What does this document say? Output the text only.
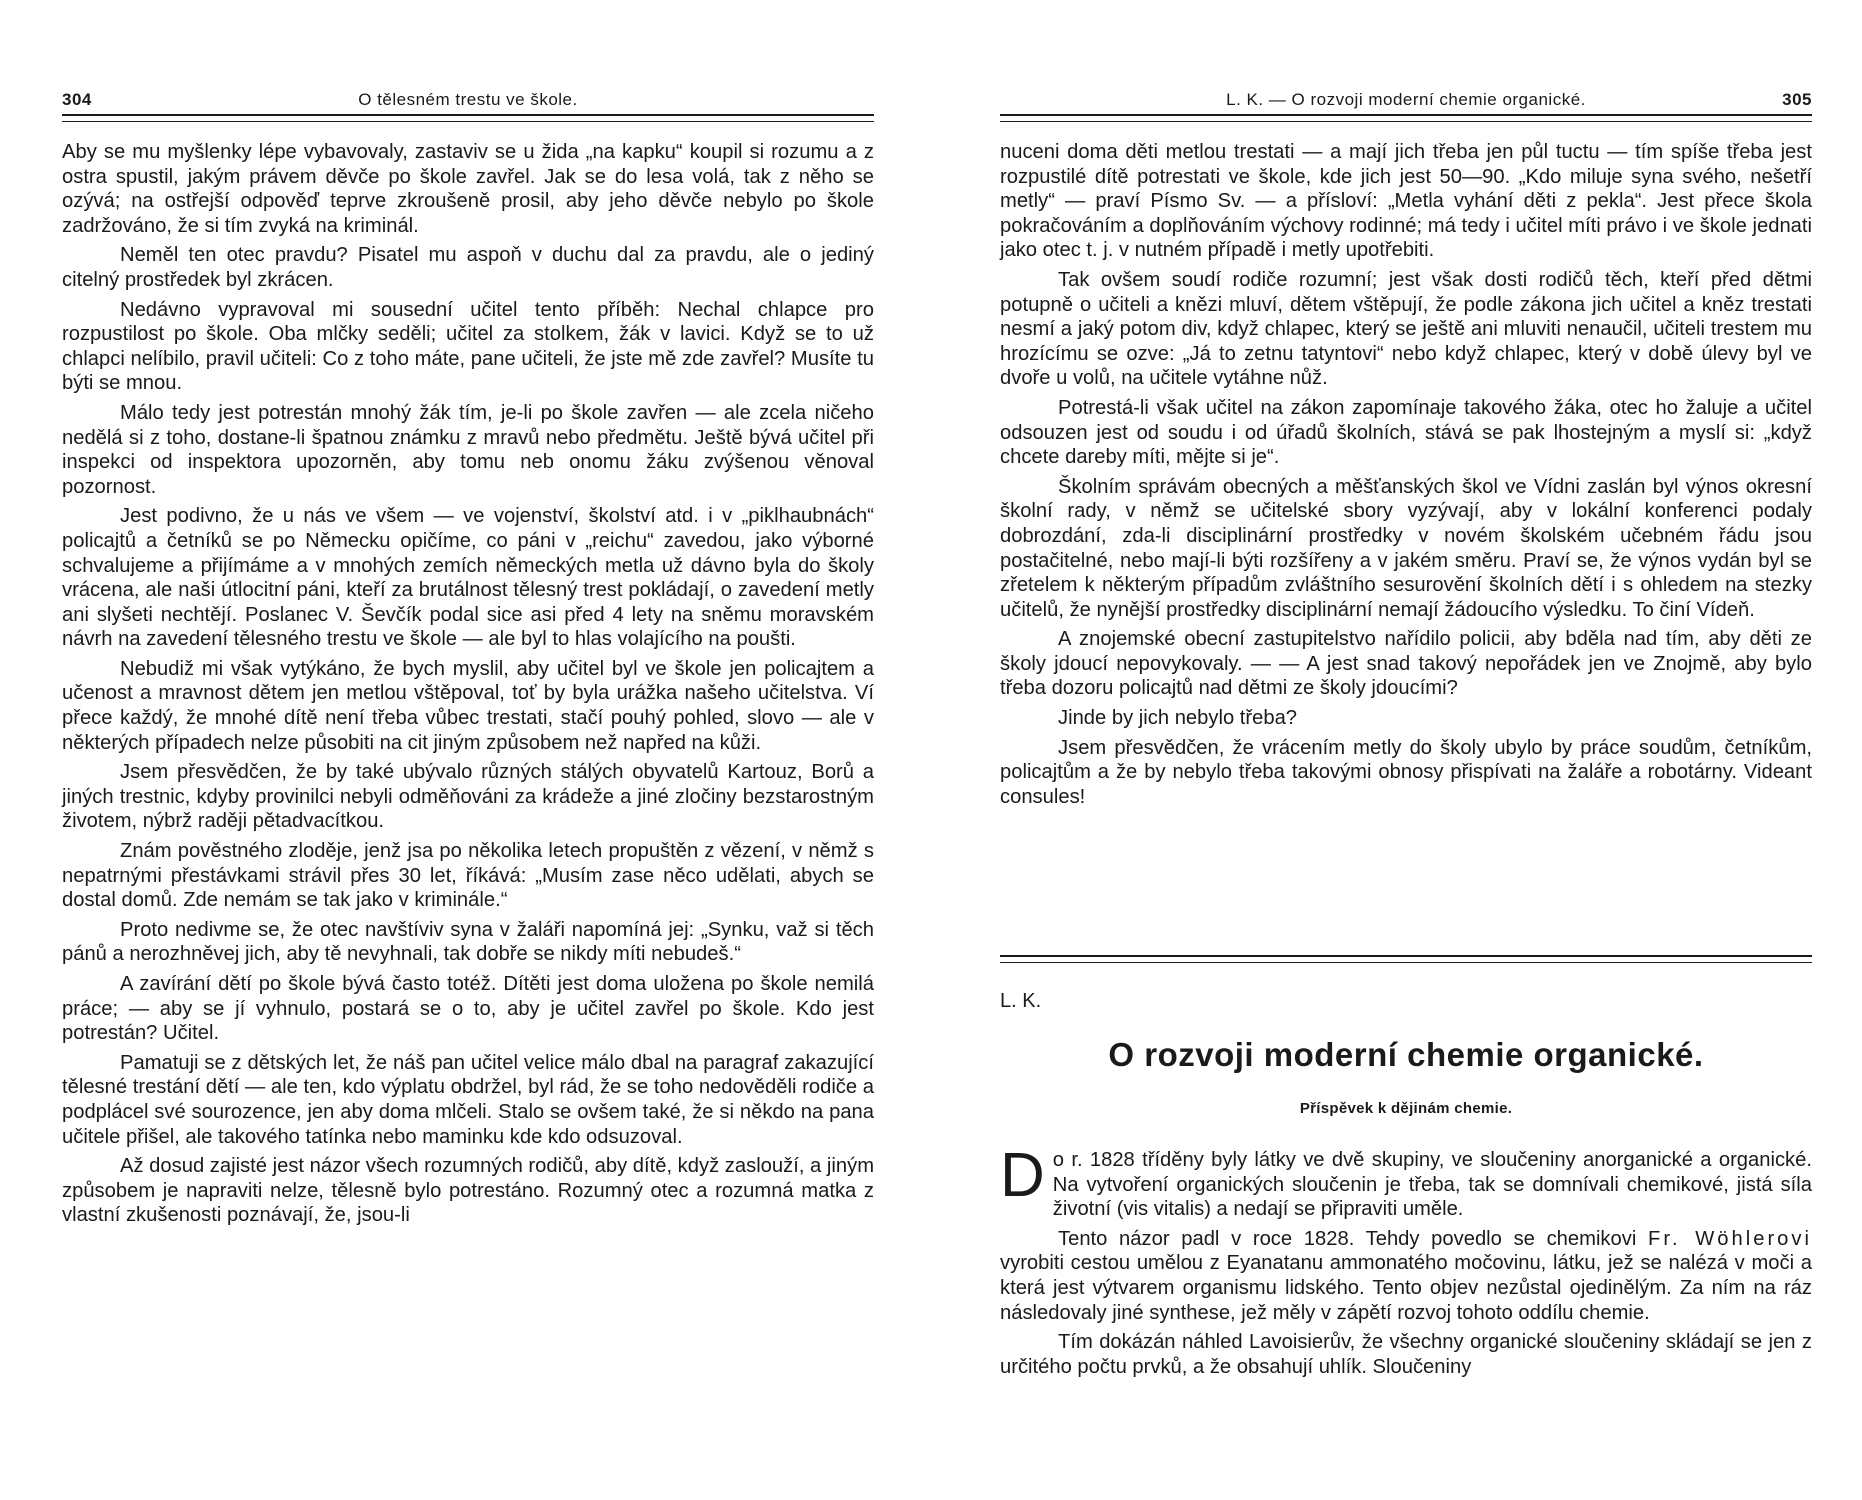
304	O tělesném trestu ve škole.

Aby se mu myšlenky lépe vybavovaly, zastaviv se u žida „na kapku“ koupil si rozumu a z ostra spustil, jakým právem děvče po škole zavřel. Jak se do lesa volá, tak z něho se ozývá; na ostřejší odpověď teprve zkroušeně prosil, aby jeho děvče nebylo po škole zadržováno, že si tím zvyká na kriminál.

Neměl ten otec pravdu? Pisatel mu aspoň v duchu dal za pravdu, ale o jediný citelný prostředek byl zkrácen.

Nedávno vypravoval mi sousední učitel tento příběh: Nechal chlapce pro rozpustilost po škole. Oba mlčky seděli; učitel za stolkem, žák v lavici. Když se to už chlapci nelíbilo, pravil učiteli: Co z toho máte, pane učiteli, že jste mě zde zavřel? Musíte tu býti se mnou.

Málo tedy jest potrestán mnohý žák tím, je-li po škole zavřen — ale zcela ničeho nedělá si z toho, dostane-li špatnou známku z mravů nebo předmětu. Ještě bývá učitel při inspekci od inspektora upozorněn, aby tomu neb onomu žáku zvýšenou věnoval pozornost.

Jest podivno, že u nás ve všem — ve vojenství, školství atd. i v „piklhaubnách“ policajtů a četníků se po Německu opičíme, co páni v „reichu“ zavedou, jako výborné schvalujeme a přijímáme a v mnohých zemích německých metla už dávno byla do školy vrácena, ale naši útlocitní páni, kteří za brutálnost tělesný trest pokládají, o zavedení metly ani slyšeti nechtějí. Poslanec V. Ševčík podal sice asi před 4 lety na sněmu moravském návrh na zavedení tělesného trestu ve škole — ale byl to hlas volajícího na poušti.

Nebudiž mi však vytýkáno, že bych myslil, aby učitel byl ve škole jen policajtem a učenost a mravnost dětem jen metlou vštěpoval, toť by byla urážka našeho učitelstva. Ví přece každý, že mnohé dítě není třeba vůbec trestati, stačí pouhý pohled, slovo — ale v některých případech nelze působiti na cit jiným způsobem než napřed na kůži.

Jsem přesvědčen, že by také ubývalo různých stálých obyvatelů Kartouz, Borů a jiných trestnic, kdyby provinilci nebyli odměňováni za krádeže a jiné zločiny bezstarostným životem, nýbrž raději pětadvacítkou.

Znám pověstného zloděje, jenž jsa po několika letech propuštěn z vězení, v němž s nepatrnými přestávkami strávil přes 30 let, říkává: „Musím zase něco udělati, abych se dostal domů. Zde nemám se tak jako v kriminále.“

Proto nedivme se, že otec navštíviv syna v žaláři napomíná jej: „Synku, važ si těch pánů a nerozhněvej jich, aby tě nevyhnali, tak dobře se nikdy míti nebudeš.“

A zavírání dětí po škole bývá často totéž. Dítěti jest doma uložena po škole nemilá práce; — aby se jí vyhnulo, postará se o to, aby je učitel zavřel po škole. Kdo jest potrestán? Učitel.

Pamatuji se z dětských let, že náš pan učitel velice málo dbal na paragraf zakazující tělesné trestání dětí — ale ten, kdo výplatu obdržel, byl rád, že se toho nedověděli rodiče a podplácel své sourozence, jen aby doma mlčeli. Stalo se ovšem také, že si někdo na pana učitele přišel, ale takového tatínka nebo maminku kde kdo odsuzoval.

Až dosud zajisté jest názor všech rozumných rodičů, aby dítě, když zaslouží, a jiným způsobem je napraviti nelze, tělesně bylo potrestáno. Rozumný otec a rozumná matka z vlastní zkušenosti poznávají, že, jsou-li

L. K. — O rozvoji moderní chemie organické.	305

nuceni doma děti metlou trestati — a mají jich třeba jen půl tuctu — tím spíše třeba jest rozpustilé dítě potrestati ve škole, kde jich jest 50—90. „Kdo miluje syna svého, nešetří metly“ — praví Písmo Sv. — a přísloví: „Metla vyhání děti z pekla“. Jest přece škola pokračováním a doplňováním výchovy rodinné; má tedy i učitel míti právo i ve škole jednati jako otec t. j. v nutném případě i metly upotřebiti.

Tak ovšem soudí rodiče rozumní; jest však dosti rodičů těch, kteří před dětmi potupně o učiteli a knězi mluví, dětem vštěpují, že podle zákona jich učitel a kněz trestati nesmí a jaký potom div, když chlapec, který se ještě ani mluviti nenaučil, učiteli trestem mu hrozícímu se ozve: „Já to zetnu tatyntovi“ nebo když chlapec, který v době úlevy byl ve dvoře u volů, na učitele vytáhne nůž.

Potrestá-li však učitel na zákon zapomínaje takového žáka, otec ho žaluje a učitel odsouzen jest od soudu i od úřadů školních, stává se pak lhostejným a myslí si: „když chcete dareby míti, mějte si je“.

Školním správám obecných a měšťanských škol ve Vídni zaslán byl výnos okresní školní rady, v němž se učitelské sbory vyzývají, aby v lokální konferenci podaly dobrozdání, zda-li disciplinární prostředky v novém školském učebném řádu jsou postačitelné, nebo mají-li býti rozšířeny a v jakém směru. Praví se, že výnos vydán byl se zřetelem k některým případům zvláštního sesurovění školních dětí i s ohledem na stezky učitelů, že nynější prostředky disciplinární nemají žádoucího výsledku. To činí Vídeň.

A znojemské obecní zastupitelstvo nařídilo policii, aby bděla nad tím, aby děti ze školy jdoucí nepovykovaly. — — A jest snad takový nepořádek jen ve Znojmě, aby bylo třeba dozoru policajtů nad dětmi ze školy jdoucími?

Jinde by jich nebylo třeba?

Jsem přesvědčen, že vrácením metly do školy ubylo by práce soudům, četníkům, policajtům a že by nebylo třeba takovými obnosy přispívati na žaláře a robotárny. Videant consules!

L. K.
O rozvoji moderní chemie organické.
Příspěvek k dějinám chemie.

Do r. 1828 tříděny byly látky ve dvě skupiny, ve sloučeniny anorganické a organické. Na vytvoření organických sloučenin je třeba, tak se domnívali chemikové, jistá síla životní (vis vitalis) a nedají se připraviti uměle.

Tento názor padl v roce 1828. Tehdy povedlo se chemikovi Fr. Wöhlerovi vyrobiti cestou umělou z Eyanatanu ammonatého močovinu, látku, jež se nalézá v moči a která jest výtvarem organismu lidského. Tento objev nezůstal ojedinělým. Za ním na ráz následovaly jiné synthese, jež měly v zápětí rozvoj tohoto oddílu chemie.

Tím dokázán náhled Lavoisierův, že všechny organické sloučeniny skládají se jen z určitého počtu prvků, a že obsahují uhlík. Sloučeniny
